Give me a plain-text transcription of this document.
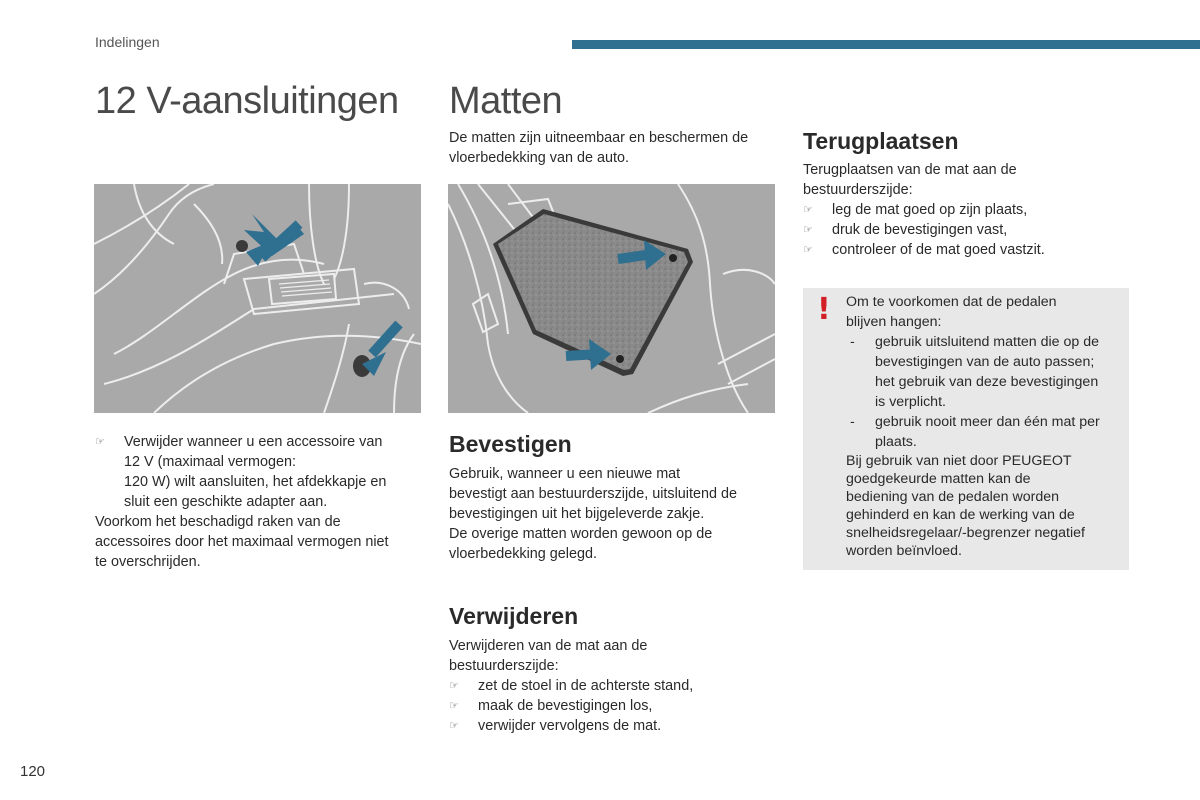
Indelingen
12 V-aansluitingen
☞ Verwijder wanneer u een accessoire van
12 V (maximaal vermogen:
120 W) wilt aansluiten, het afdekkapje en
sluit een geschikte adapter aan.
Voorkom het beschadigd raken van de
accessoires door het maximaal vermogen niet
te overschrijden.
Matten
De matten zijn uitneembaar en beschermen de
vloerbedekking van de auto.
Bevestigen
Gebruik, wanneer u een nieuwe mat
bevestigt aan bestuurderszijde, uitsluitend de
bevestigingen uit het bijgeleverde zakje.
De overige matten worden gewoon op de
vloerbedekking gelegd.
Verwijderen
Verwijderen van de mat aan de
bestuurderszijde:
☞ zet de stoel in de achterste stand,
☞ maak de bevestigingen los,
☞ verwijder vervolgens de mat.
Terugplaatsen
Terugplaatsen van de mat aan de
bestuurderszijde:
☞ leg de mat goed op zijn plaats,
☞ druk de bevestigingen vast,
☞ controleer of de mat goed vastzit.
! Om te voorkomen dat de pedalen
blijven hangen:
- gebruik uitsluitend matten die op de
bevestigingen van de auto passen;
het gebruik van deze bevestigingen
is verplicht.
- gebruik nooit meer dan één mat per
plaats.
Bij gebruik van niet door PEUGEOT
goedgekeurde matten kan de
bediening van de pedalen worden
gehinderd en kan de werking van de
snelheidsregelaar/-begrenzer negatief
worden beïnvloed.
120
